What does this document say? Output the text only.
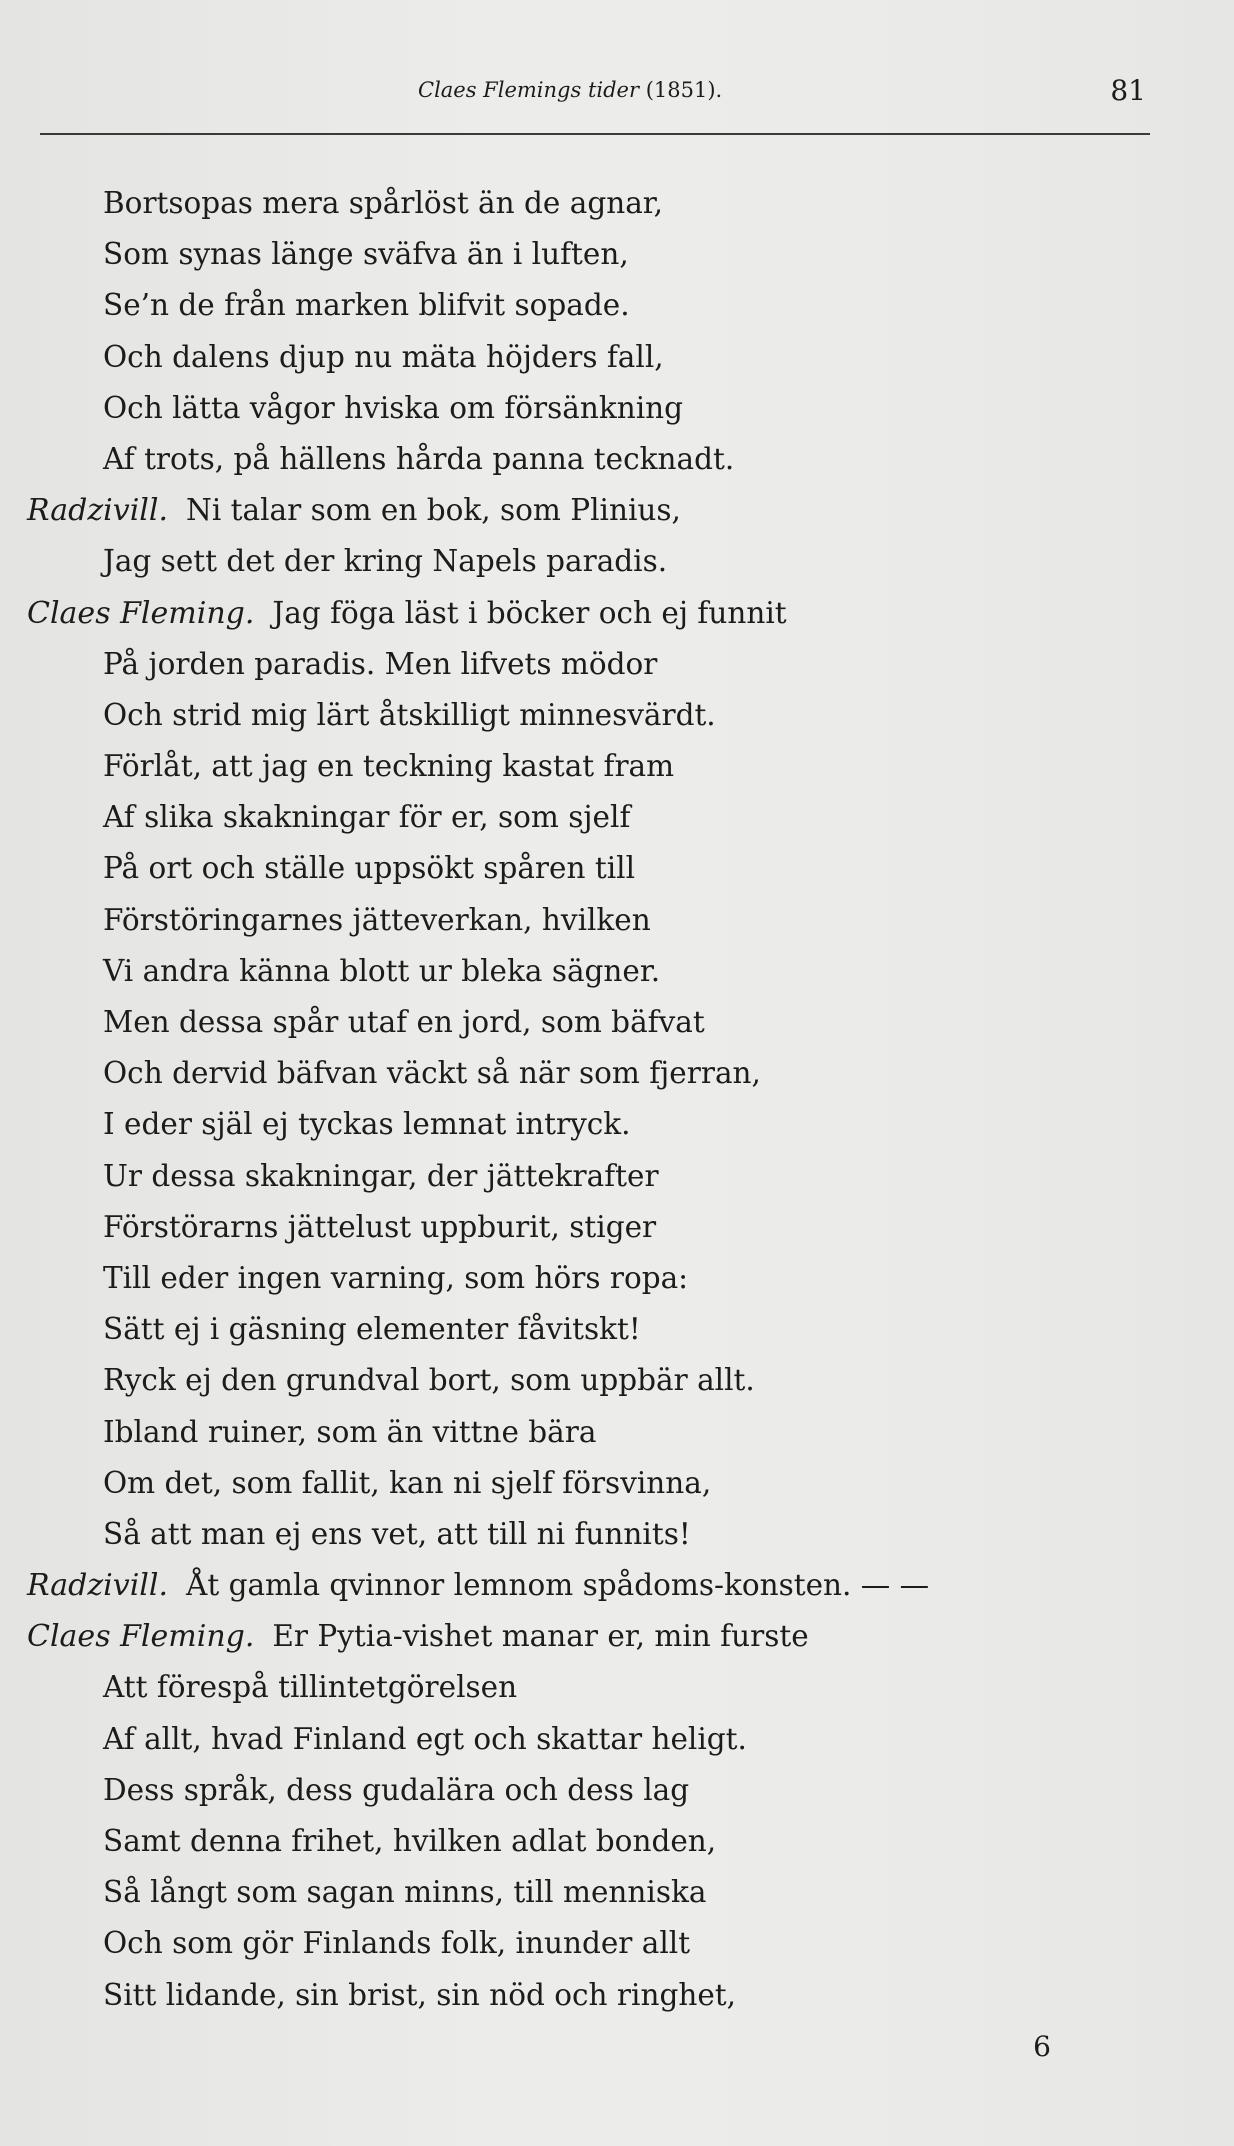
Claes Flemings tider (1851).	81
Bortsopas mera spårlöst än de agnar,
Som synas länge sväfva än i luften,
Se’n de från marken blifvit sopade.
Och dalens djup nu mäta höjders fall,
Och lätta vågor hviska om försänkning
Af trots, på hällens hårda panna tecknadt.
Radzivill. Ni talar som en bok, som Plinius,
Jag sett det der kring Napels paradis.
Claes Fleming. Jag föga läst i böcker och ej funnit
På jorden paradis. Men lifvets mödor
Och strid mig lärt åtskilligt minnesvärdt.
Förlåt, att jag en teckning kastat fram
Af slika skakningar för er, som sjelf
På ort och ställe uppsökt spåren till
Förstöringarnes jätteverkan, hvilken
Vi andra känna blott ur bleka sägner.
Men dessa spår utaf en jord, som bäfvat
Och dervid bäfvan väckt så när som fjerran,
I eder själ ej tyckas lemnat intryck.
Ur dessa skakningar, der jättekrafter
Förstörarns jättelust uppburit, stiger
Till eder ingen varning, som hörs ropa:
Sätt ej i gäsning elementer fåvitskt!
Ryck ej den grundval bort, som uppbär allt.
Ibland ruiner, som än vittne bära
Om det, som fallit, kan ni sjelf försvinna,
Så att man ej ens vet, att till ni funnits!
Radzivill. Åt gamla qvinnor lemnom spådoms-konsten. — —
Claes Fleming. Er Pytia-vishet manar er, min furste
Att förespå tillintetgörelsen
Af allt, hvad Finland egt och skattar heligt.
Dess språk, dess gudalära och dess lag
Samt denna frihet, hvilken adlat bonden,
Så långt som sagan minns, till menniska
Och som gör Finlands folk, inunder allt
Sitt lidande, sin brist, sin nöd och ringhet,
6
